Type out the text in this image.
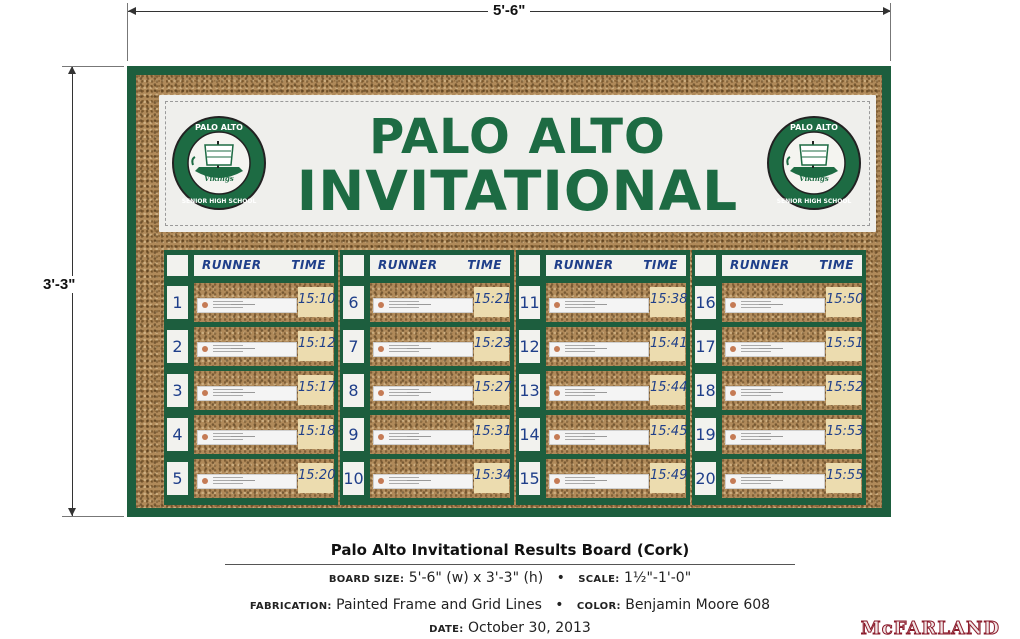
5'-6"
3'-3"
PALO ALTO
INVITATIONAL
Vikings
PALO ALTO
SENIOR HIGH SCHOOL
Vikings
PALO ALTO
SENIOR HIGH SCHOOL
RUNNER TIME
1	15:10
2	15:12
3	15:17
4	15:18
5	15:20
RUNNER TIME
6	15:21
7	15:23
8	15:27
9	15:31
10	15:34
RUNNER TIME
11	15:38
12	15:41
13	15:44
14	15:45
15	15:49
RUNNER TIME
16	15:50
17	15:51
18	15:52
19	15:53
20	15:55
Palo Alto Invitational Results Board (Cork)
BOARD SIZE: 5'-6" (w) x 3'-3" (h) • SCALE: 1½"-1'-0"
FABRICATION: Painted Frame and Grid Lines • COLOR: Benjamin Moore 608
DATE: October 30, 2013	McFARLAND
